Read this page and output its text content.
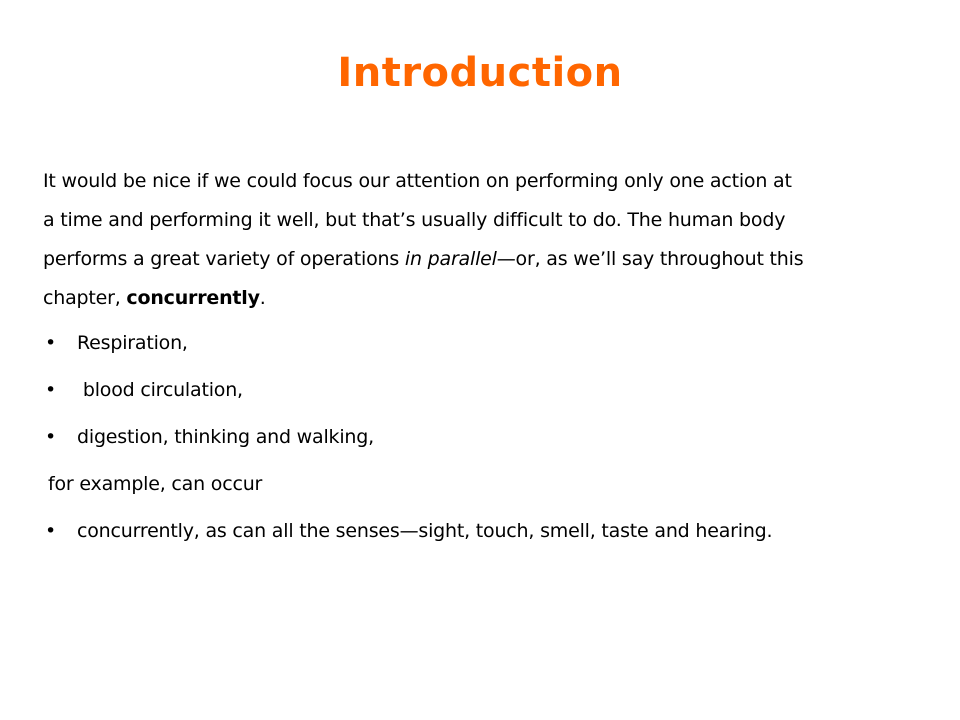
Introduction

It would be nice if we could focus our attention on performing only one action at
a time and performing it well, but that’s usually difficult to do. The human body
performs a great variety of operations in parallel—or, as we’ll say throughout this
chapter, concurrently.

• Respiration,
• blood circulation,
• digestion, thinking and walking,
for example, can occur
• concurrently, as can all the senses—sight, touch, smell, taste and hearing.
